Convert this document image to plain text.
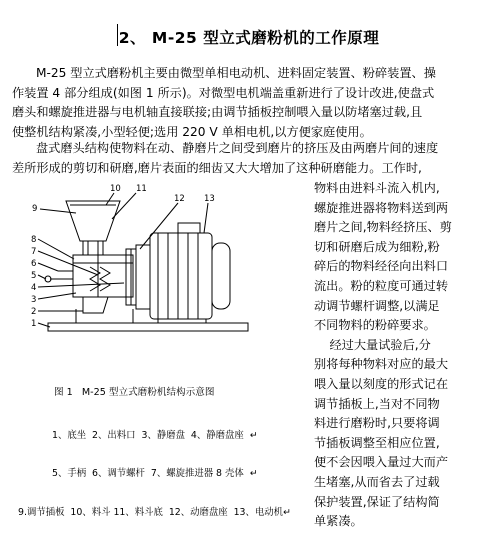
2、 M-25 型立式磨粉机的工作原理
M-25 型立式磨粉机主要由微型单相电动机、进料固定装置、粉碎装置、操
作装置 4 部分组成(如图 1 所示)。对微型电机端盖重新进行了设计改进,使盘式
磨头和螺旋推进器与电机轴直接联接;由调节插板控制喂入量以防堵塞过载,且
使整机结构紧凑,小型轻便;选用 220 V 单相电机,以方便家庭使用。
盘式磨头结构使物料在动、静磨片之间受到磨片的挤压及由两磨片间的速度
差所形成的剪切和研磨,磨片表面的细齿又大大增加了这种研磨能力。工作时,
物料由进料斗流入机内,
螺旋推进器将物料送到两
磨片之间,物料经挤压、剪
切和研磨后成为细粉,粉
碎后的物料经径向出料口
流出。粉的粒度可通过转
动调节螺杆调整,以满足
不同物料的粉碎要求。
经过大量试验后,分
别将每种物料对应的最大
喂入量以刻度的形式记在
调节插板上,当对不同物
料进行磨粉时,只要将调
节插板调整至相应位置,
便不会因喂入量过大而产
生堵塞,从而省去了过载
保护装置,保证了结构简
单紧凑。
9
10 11
1
2
3
4
5
6
7
8
12 13
图 1   M-25 型立式磨粉机结构示意图
1、底坐  2、出料口  3、静磨盘  4、静磨盘座  ↵
5、手柄  6、调节螺杆  7、螺旋推进器 8 壳体  ↵
9.调节插板  10、料斗 11、料斗底  12、动磨盘座  13、电动机↵
